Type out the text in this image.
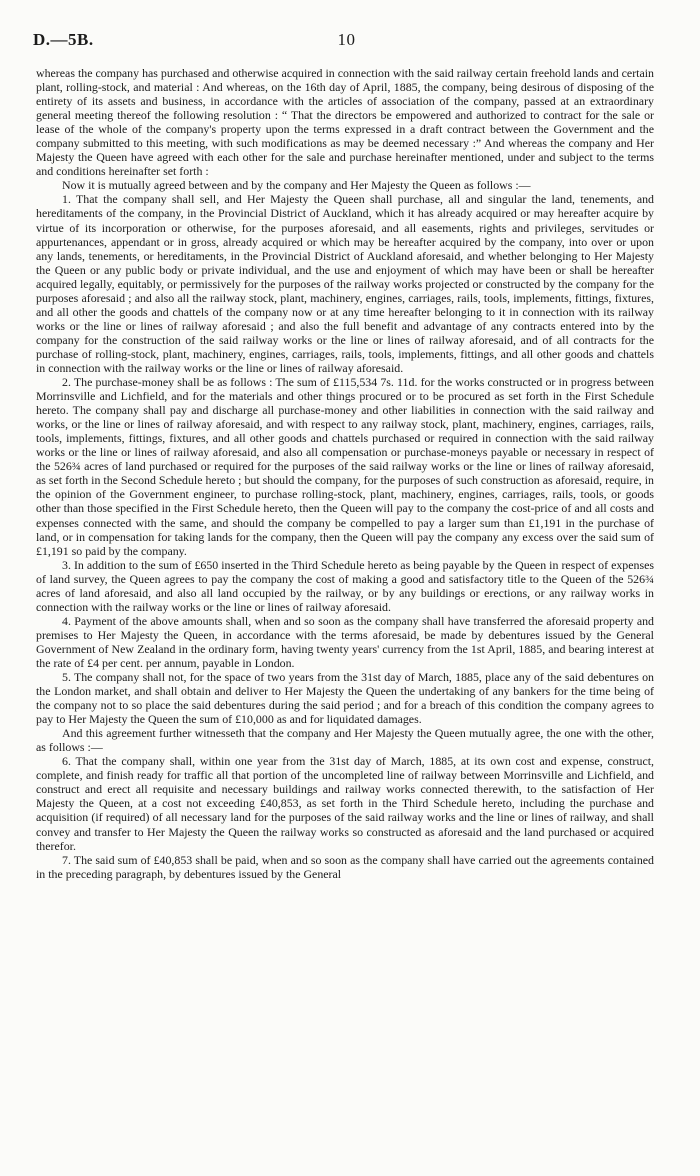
D.—5B.	10

whereas the company has purchased and otherwise acquired in connection with the said railway certain freehold lands and certain plant, rolling-stock, and material : And whereas, on the 16th day of April, 1885, the company, being desirous of disposing of the entirety of its assets and business, in accordance with the articles of association of the company, passed at an extraordinary general meeting thereof the following resolution : “ That the directors be empowered and authorized to contract for the sale or lease of the whole of the company's property upon the terms expressed in a draft contract between the Government and the company submitted to this meeting, with such modifications as may be deemed necessary :” And whereas the company and Her Majesty the Queen have agreed with each other for the sale and purchase hereinafter mentioned, under and subject to the terms and conditions hereinafter set forth :

Now it is mutually agreed between and by the company and Her Majesty the Queen as follows :—

1. That the company shall sell, and Her Majesty the Queen shall purchase, all and singular the land, tenements, and hereditaments of the company, in the Provincial District of Auckland, which it has already acquired or may hereafter acquire by virtue of its incorporation or otherwise, for the purposes aforesaid, and all easements, rights and privileges, servitudes or appurtenances, appendant or in gross, already acquired or which may be hereafter acquired by the company, into over or upon any lands, tenements, or hereditaments, in the Provincial District of Auckland aforesaid, and whether belonging to Her Majesty the Queen or any public body or private individual, and the use and enjoyment of which may have been or shall be hereafter acquired legally, equitably, or permissively for the purposes of the railway works projected or constructed by the company for the purposes aforesaid ; and also all the railway stock, plant, machinery, engines, carriages, rails, tools, implements, fittings, fixtures, and all other the goods and chattels of the company now or at any time hereafter belonging to it in connection with its railway works or the line or lines of railway aforesaid ; and also the full benefit and advantage of any contracts entered into by the company for the construction of the said railway works or the line or lines of railway aforesaid, and of all contracts for the purchase of rolling-stock, plant, machinery, engines, carriages, rails, tools, implements, fittings, and all other goods and chattels in connection with the railway works or the line or lines of railway aforesaid.

2. The purchase-money shall be as follows : The sum of £115,534 7s. 11d. for the works constructed or in progress between Morrinsville and Lichfield, and for the materials and other things procured or to be procured as set forth in the First Schedule hereto. The company shall pay and discharge all purchase-money and other liabilities in connection with the said railway and works, or the line or lines of railway aforesaid, and with respect to any railway stock, plant, machinery, engines, carriages, rails, tools, implements, fittings, fixtures, and all other goods and chattels purchased or required in connection with the said railway works or the line or lines of railway aforesaid, and also all compensation or purchase-moneys payable or necessary in respect of the 526¾ acres of land purchased or required for the purposes of the said railway works or the line or lines of railway aforesaid, as set forth in the Second Schedule hereto ; but should the company, for the purposes of such construction as aforesaid, require, in the opinion of the Government engineer, to purchase rolling-stock, plant, machinery, engines, carriages, rails, tools, or goods other than those specified in the First Schedule hereto, then the Queen will pay to the company the cost-price of and all costs and expenses connected with the same, and should the company be compelled to pay a larger sum than £1,191 in the purchase of land, or in compensation for taking lands for the company, then the Queen will pay the company any excess over the said sum of £1,191 so paid by the company.

3. In addition to the sum of £650 inserted in the Third Schedule hereto as being payable by the Queen in respect of expenses of land survey, the Queen agrees to pay the company the cost of making a good and satisfactory title to the Queen of the 526¾ acres of land aforesaid, and also all land occupied by the railway, or by any buildings or erections, or any railway works in connection with the railway works or the line or lines of railway aforesaid.

4. Payment of the above amounts shall, when and so soon as the company shall have transferred the aforesaid property and premises to Her Majesty the Queen, in accordance with the terms aforesaid, be made by debentures issued by the General Government of New Zealand in the ordinary form, having twenty years' currency from the 1st April, 1885, and bearing interest at the rate of £4 per cent. per annum, payable in London.

5. The company shall not, for the space of two years from the 31st day of March, 1885, place any of the said debentures on the London market, and shall obtain and deliver to Her Majesty the Queen the undertaking of any bankers for the time being of the company not to so place the said debentures during the said period ; and for a breach of this condition the company agrees to pay to Her Majesty the Queen the sum of £10,000 as and for liquidated damages.

And this agreement further witnesseth that the company and Her Majesty the Queen mutually agree, the one with the other, as follows :—

6. That the company shall, within one year from the 31st day of March, 1885, at its own cost and expense, construct, complete, and finish ready for traffic all that portion of the uncompleted line of railway between Morrinsville and Lichfield, and construct and erect all requisite and necessary buildings and railway works connected therewith, to the satisfaction of Her Majesty the Queen, at a cost not exceeding £40,853, as set forth in the Third Schedule hereto, including the purchase and acquisition (if required) of all necessary land for the purposes of the said railway works and the line or lines of railway, and shall convey and transfer to Her Majesty the Queen the railway works so constructed as aforesaid and the land purchased or acquired therefor.

7. The said sum of £40,853 shall be paid, when and so soon as the company shall have carried out the agreements contained in the preceding paragraph, by debentures issued by the General
